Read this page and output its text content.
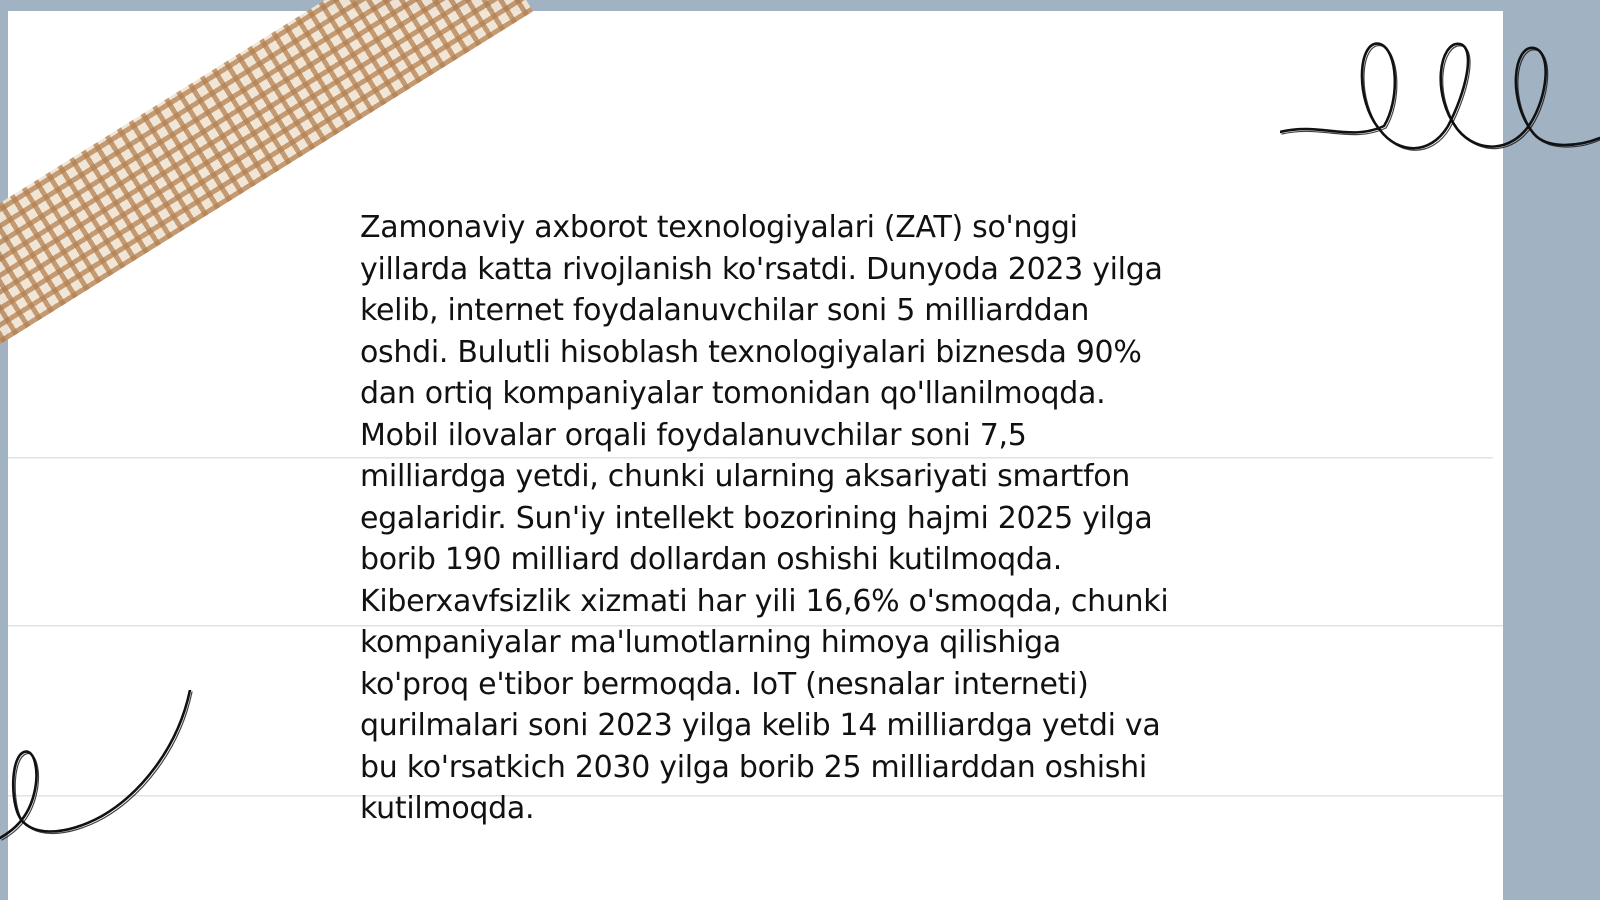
Zamonaviy axborot texnologiyalari (ZAT) so'nggi
yillarda katta rivojlanish ko'rsatdi. Dunyoda 2023 yilga
kelib, internet foydalanuvchilar soni 5 milliarddan
oshdi. Bulutli hisoblash texnologiyalari biznesda 90%
dan ortiq kompaniyalar tomonidan qo'llanilmoqda.
Mobil ilovalar orqali foydalanuvchilar soni 7,5
milliardga yetdi, chunki ularning aksariyati smartfon
egalaridir. Sun'iy intellekt bozorining hajmi 2025 yilga
borib 190 milliard dollardan oshishi kutilmoqda.
Kiberxavfsizlik xizmati har yili 16,6% o'smoqda, chunki
kompaniyalar ma'lumotlarning himoya qilishiga
ko'proq e'tibor bermoqda. IoT (nesnalar interneti)
qurilmalari soni 2023 yilga kelib 14 milliardga yetdi va
bu ko'rsatkich 2030 yilga borib 25 milliarddan oshishi
kutilmoqda.
